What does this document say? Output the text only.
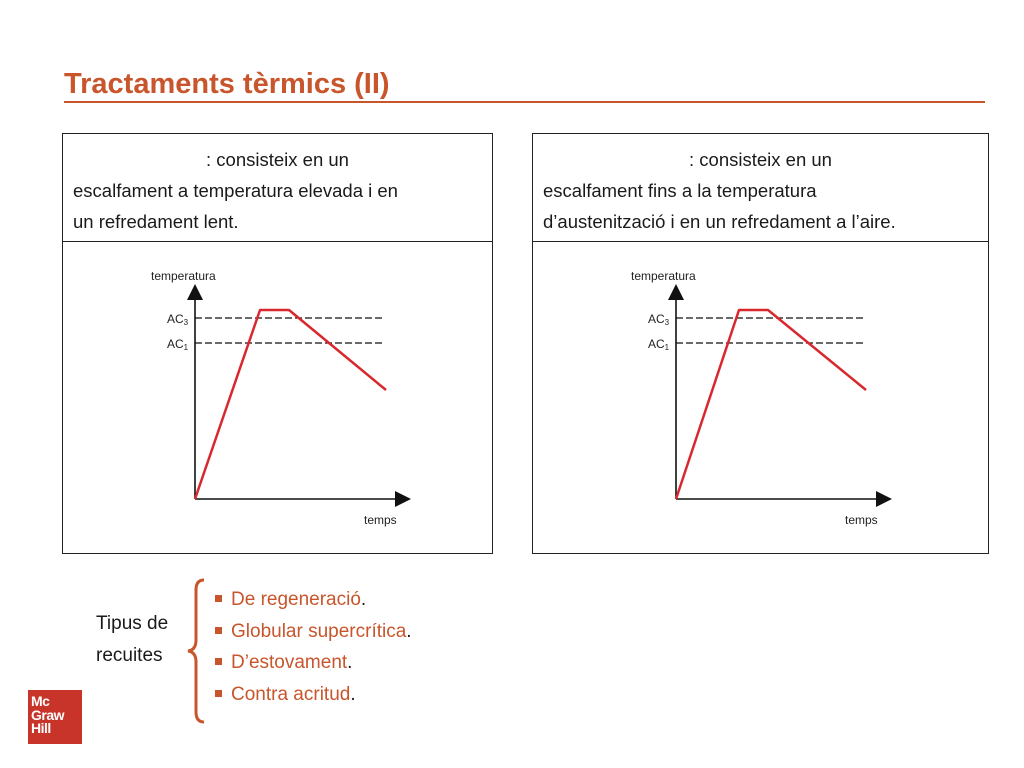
Tractaments tèrmics (II)
: consisteix en un
escalfament a temperatura elevada i en
un refredament lent.
temperatura
temps
AC3
AC1
: consisteix en un
escalfament fins a la temperatura
d’austenització i en un refredament a l’aire.
temperatura
temps
AC3
AC1
Tipus de
recuites
De regeneració.
Globular supercrítica.
D’estovament.
Contra acritud.
Mc
Graw
Hill
